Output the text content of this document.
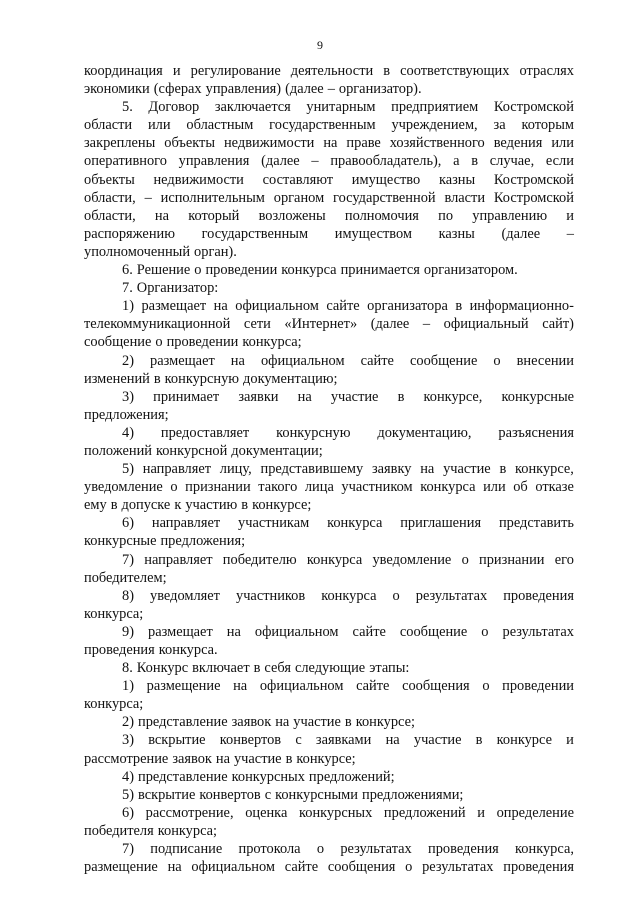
9
координация и регулирование деятельности в соответствующих отраслях
экономики (сферах управления) (далее – организатор).
5. Договор заключается унитарным предприятием Костромской
области или областным государственным учреждением, за которым
закреплены объекты недвижимости на праве хозяйственного ведения или
оперативного управления (далее – правообладатель), а в случае, если
объекты недвижимости составляют имущество казны Костромской
области, – исполнительным органом государственной власти Костромской
области, на который возложены полномочия по управлению и
распоряжению государственным имуществом казны (далее –
уполномоченный орган).
6. Решение о проведении конкурса принимается организатором.
7. Организатор:
1) размещает на официальном сайте организатора в информационно-
телекоммуникационной сети «Интернет» (далее – официальный сайт)
сообщение о проведении конкурса;
2) размещает на официальном сайте сообщение о внесении
изменений в конкурсную документацию;
3) принимает заявки на участие в конкурсе, конкурсные
предложения;
4) предоставляет конкурсную документацию, разъяснения
положений конкурсной документации;
5) направляет лицу, представившему заявку на участие в конкурсе,
уведомление о признании такого лица участником конкурса или об отказе
ему в допуске к участию в конкурсе;
6) направляет участникам конкурса приглашения представить
конкурсные предложения;
7) направляет победителю конкурса уведомление о признании его
победителем;
8) уведомляет участников конкурса о результатах проведения
конкурса;
9) размещает на официальном сайте сообщение о результатах
проведения конкурса.
8. Конкурс включает в себя следующие этапы:
1) размещение на официальном сайте сообщения о проведении
конкурса;
2) представление заявок на участие в конкурсе;
3) вскрытие конвертов с заявками на участие в конкурсе и
рассмотрение заявок на участие в конкурсе;
4) представление конкурсных предложений;
5) вскрытие конвертов с конкурсными предложениями;
6) рассмотрение, оценка конкурсных предложений и определение
победителя конкурса;
7) подписание протокола о результатах проведения конкурса,
размещение на официальном сайте сообщения о результатах проведения
